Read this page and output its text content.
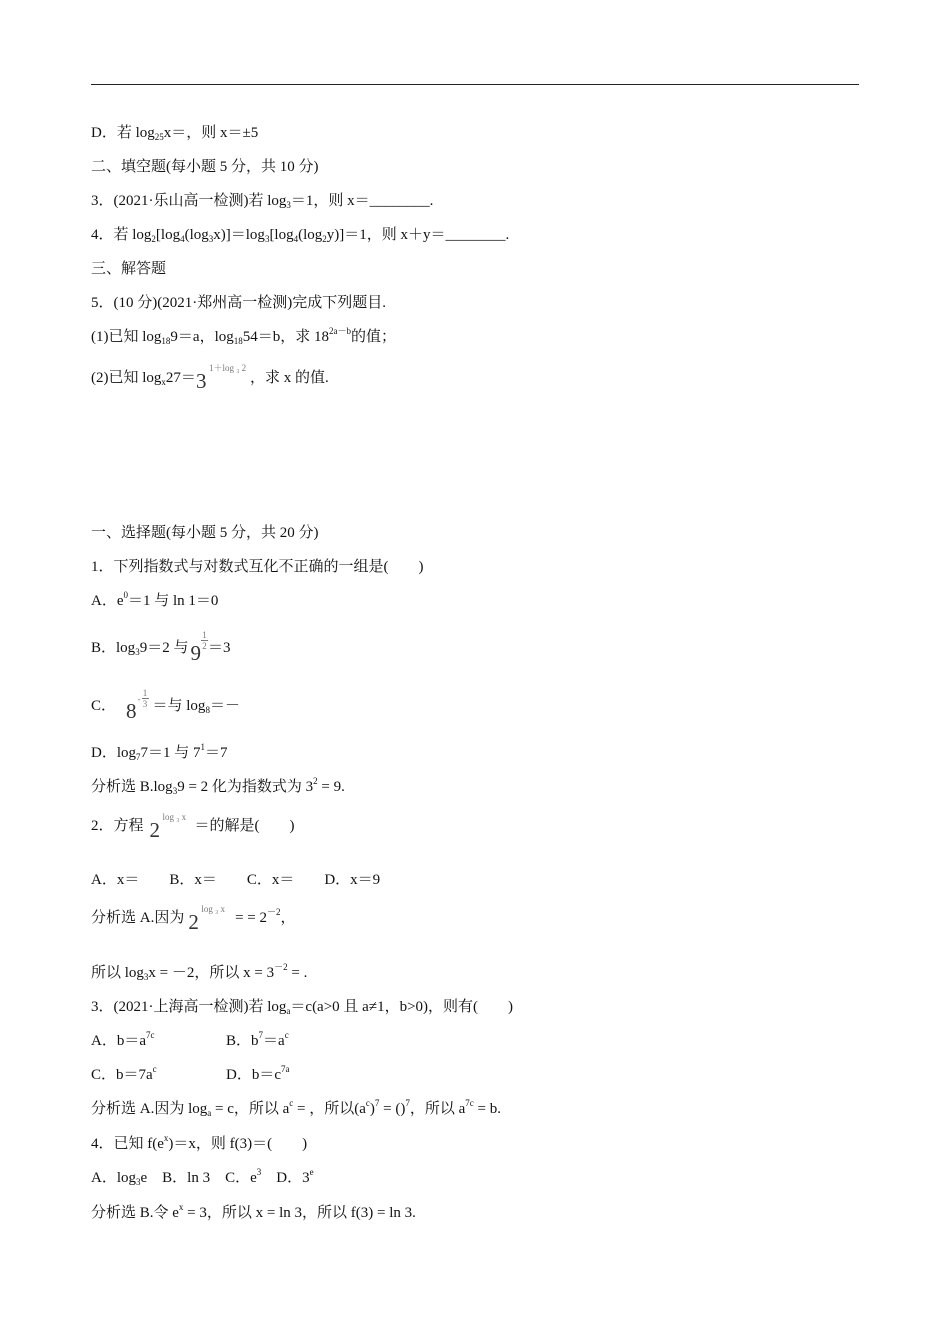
D．若 $\log_{25}x=$，则 x＝±5
二、填空题(每小题 5 分，共 10 分)
3．(2021·乐山高一检测)若 $\log_3=1$，则 x＝________.
4．若 $\log_2[\log_4(\log_3x)]=\log_3[\log_4(\log_2y)]=1$，则 x＋y＝________.
三、解答题
5．(10 分)(2021·郑州高一检测)完成下列题目.
(1)已知 $\log_{18}9=a$，$\log_{18}54=b$，求 $18^{2a-b}$的值；
(2)已知 $\log_x27=3$
1＋log ₃ 2
，求 x 的值.
一、选择题(每小题 5 分，共 20 分)
1．下列指数式与对数式互化不正确的一组是(　　)
A．$e^0=1$ 与 ln 1＝0
B．$\log_39=2$ 与9
$\frac{1}{2} =3$
C． $8^- \frac{1}{3}$ ＝与 $\log_8=-$
D．$\log_77=1$ 与 $7^1=7$
分析选 $B.\log_39 = 2$ 化为指数式为 $3^2 = 9$.
2．方程 2
log ₃ x
＝的解是(　　)
A．x＝　　B．x＝　　C．x＝　　D．x＝9
分析选 A.因为 2
log ₃ x
= = $2^{-2}$，
所以 $\log_3x = -2$，所以 $x = 3^{-2}$ = .
3．(2021·上海高一检测)若 $\log_a=c(a>0$ 且 a≠1，b>0)，则有(　　)
A．$b=a^{7c}$	B．$b^7=a^c$
C．$b=7a^c$	D．$b=c^{7a}$
分析选 A.因为 $\log_a = c$，所以 $a^c$ = ，所以$(a^c)^7 = ()^7$，所以 $a^{7c} = b$.
4．已知 $f(e^x)=x$，则 f(3)＝(　　)
A．$\log_3e$　B．ln 3　C．$e^3$　D．3e
分析选 B.令 $e^x = 3$，所以 x = ln 3，所以 f(3) = ln 3.
